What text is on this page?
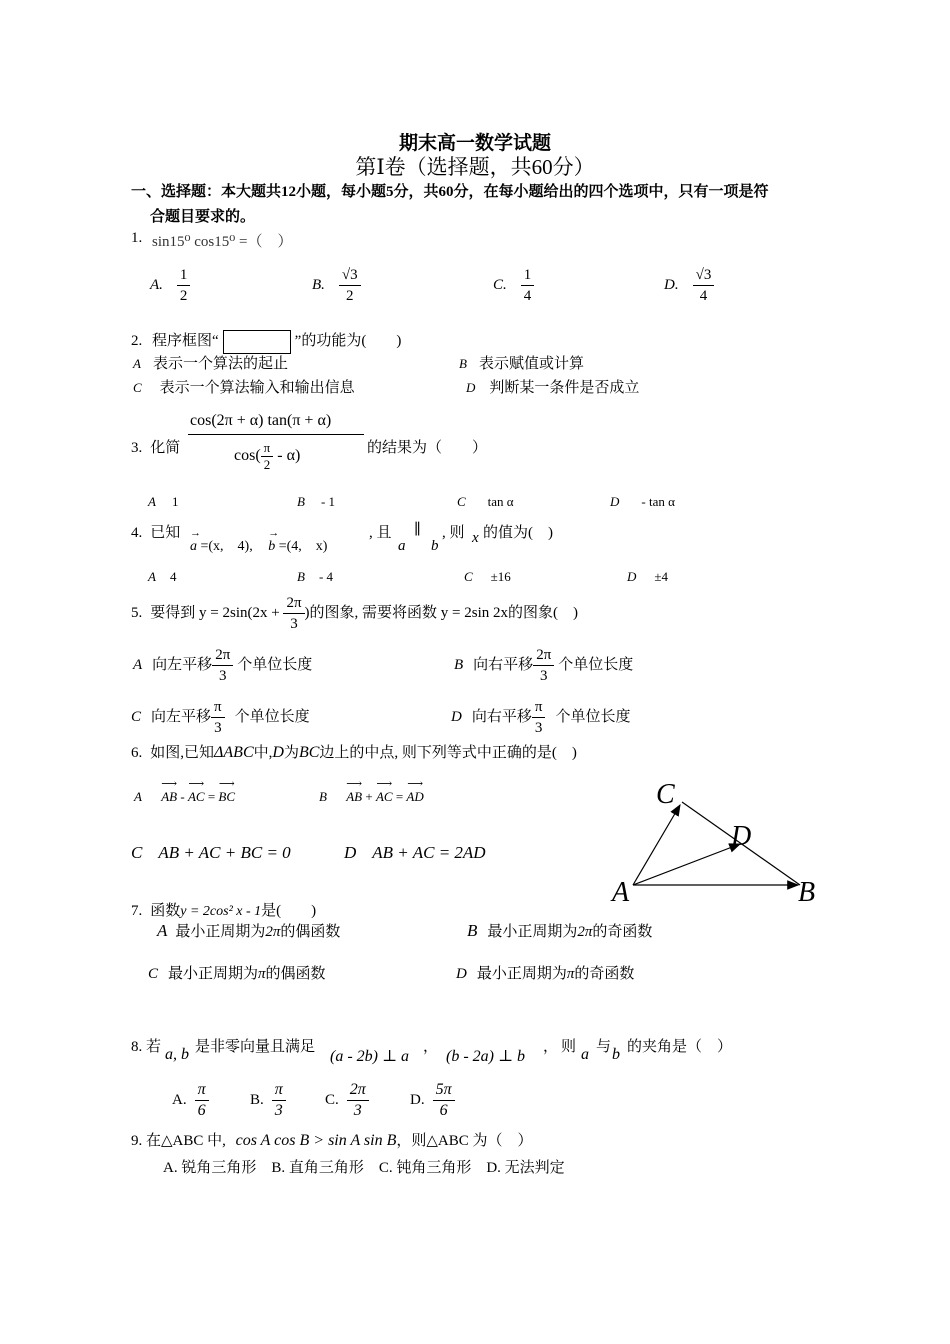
期末高一数学试题
第Ⅰ卷（选择题，共60分）
一、选择题：本大题共12小题，每小题5分，共60分，在每小题给出的四个选项中，只有一项是符
合题目要求的。
1. sin15⁰ cos15⁰ =（　）
A. $\frac{1}{2}$	B. $\frac{√3}{2}$	C. $\frac{1}{4}$	D. $\frac{√3}{4}$
2. 程序框图“	”的功能为(　　)
A 表示一个算法的起止	B 表示赋值或计算
C 表示一个算法输入和输出信息	D 判断某一条件是否成立
3. 化简
cos(2π + α) tan(π + α)
$\cos( \frac{\pi}{2} - \alpha)$	的结果为（　　）
A 1	B - 1	C tan α	D - tan α
4. 已知
→ a =(x,　4), → b =(4,　x)
, 且
a
∥
b
, 则 x 的值为(　)
A 4	B - 4	C ±16	D ±4
5. 要得到 $y = 2\sin(2x + \frac{2\pi}{3}$ )的图象, 需要将函数 y = 2sin 2x的图象(　)
A 向左平移 $\frac{2\pi}{3}$ 个单位长度	B 向右平移 $\frac{2\pi}{3}$ 个单位长度
C 向左平移 $\frac{\pi}{3}$ 个单位长度	D 向右平移 $\frac{\pi}{3}$ 个单位长度
6. 如图,已知ΔABC中,D为BC边上的中点, 则下列等式中正确的是(　)
A ⟶ AB - ⟶ AC = ⟶ BC	B ⟶ AB + ⟶ AC = ⟶ AD
C AB + AC + BC = 0	D AB + AC = 2AD
A	B
C
D
7. 函数y = 2cos² x - 1是(　　)
A 最小正周期为2π的偶函数	B 最小正周期为2π的奇函数
C 最小正周期为π的偶函数	D 最小正周期为π的奇函数
8. 若 a, b 是非零向量且满足
(a - 2b) ⊥ a
，
(b - 2a) ⊥ b
， 则 a 与 b 的夹角是（　）
A. $\frac{\pi}{6}$	B. $\frac{\pi}{3}$	C. $\frac{2\pi}{3}$	D. $\frac{5\pi}{6}$
9. 在△ABC 中, cos A cos B > sin A sin B，则△ABC 为（　）
A. 锐角三角形　B. 直角三角形　C. 钝角三角形　D. 无法判定
